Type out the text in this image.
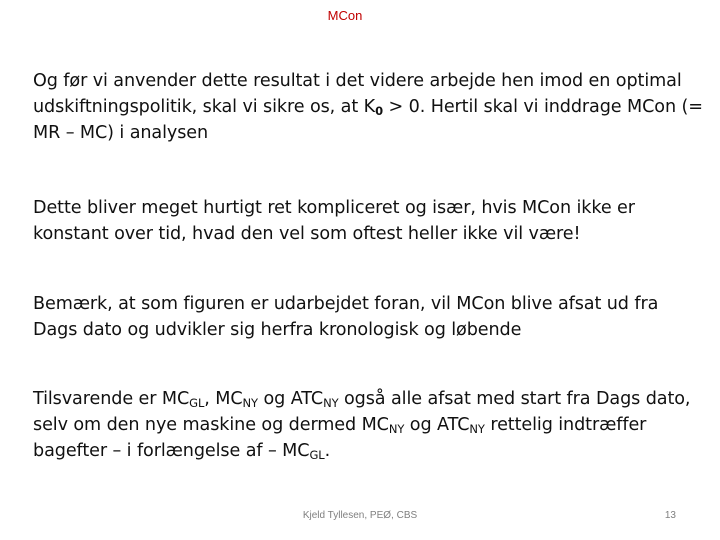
MCon

Og før vi anvender dette resultat i det videre arbejde hen imod en optimal udskiftningspolitik, skal vi sikre os, at $K_0 > 0$. Hertil skal vi inddrage MCon (= MR – MC) i analysen

Dette bliver meget hurtigt ret kompliceret og især, hvis MCon ikke er konstant over tid, hvad den vel som oftest heller ikke vil være!

Bemærk, at som figuren er udarbejdet foran, vil MCon blive afsat ud fra Dags dato og udvikler sig herfra kronologisk og løbende

Tilsvarende er $MC_{GL}$, $MC_{NY}$ og $ATC_{NY}$ også alle afsat med start fra Dags dato, selv om den nye maskine og dermed $MC_{NY}$ og $ATC_{NY}$ rettelig indtræffer bagefter – i forlængelse af – $MC_{GL}$.

Kjeld Tyllesen, PEØ, CBS	13
